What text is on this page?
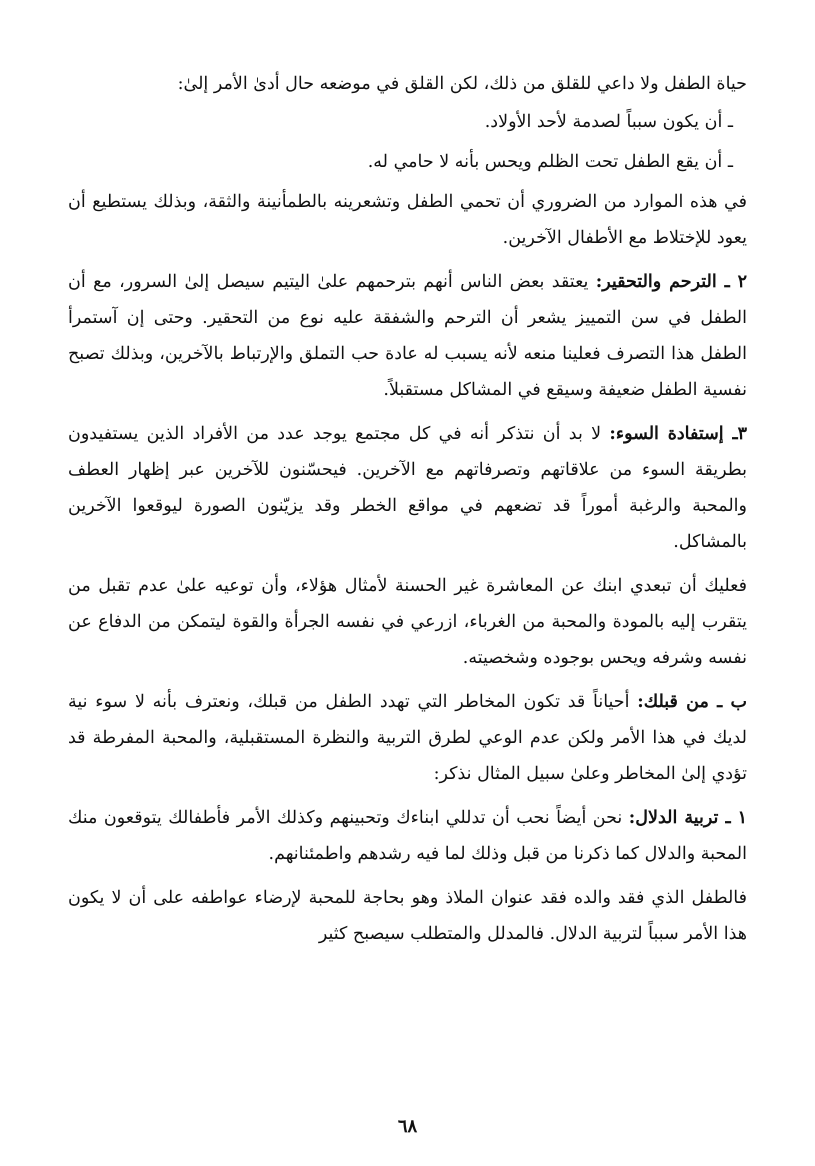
حياة الطفل ولا داعي للقلق من ذلك، لكن القلق في موضعه حال أدىٰ الأمر إلىٰ:

ـ أن يكون سبباً لصدمة لأحد الأولاد.

ـ أن يقع الطفل تحت الظلم ويحس بأنه لا حامي له.

في هذه الموارد من الضروري أن تحمي الطفل وتشعرينه بالطمأنينة والثقة، وبذلك يستطيع أن يعود للإختلاط مع الأطفال الآخرين.

٢ ـ الترحم والتحقير: يعتقد بعض الناس أنهم بترحمهم علىٰ اليتيم سيصل إلىٰ السرور، مع أن الطفل في سن التمييز يشعر أن الترحم والشفقة عليه نوع من التحقير. وحتى إن آستمرأ الطفل هذا التصرف فعلينا منعه لأنه يسبب له عادة حب التملق والإرتباط بالآخرين، وبذلك تصبح نفسية الطفل ضعيفة وسيقع في المشاكل مستقبلاً.

٣ـ إستفادة السوء: لا بد أن نتذكر أنه في كل مجتمع يوجد عدد من الأفراد الذين يستفيدون بطريقة السوء من علاقاتهم وتصرفاتهم مع الآخرين. فيحسّنون للآخرين عبر إظهار العطف والمحبة والرغبة أموراً قد تضعهم في مواقع الخطر وقد يزيّنون الصورة ليوقعوا الآخرين بالمشاكل.

فعليك أن تبعدي ابنك عن المعاشرة غير الحسنة لأمثال هؤلاء، وأن توعيه علىٰ عدم تقبل من يتقرب إليه بالمودة والمحبة من الغرباء، ازرعي في نفسه الجرأة والقوة ليتمكن من الدفاع عن نفسه وشرفه ويحس بوجوده وشخصيته.

ب ـ من قبلك: أحياناً قد تكون المخاطر التي تهدد الطفل من قبلك، ونعترف بأنه لا سوء نية لديك في هذا الأمر ولكن عدم الوعي لطرق التربية والنظرة المستقبلية، والمحبة المفرطة قد تؤدي إلىٰ المخاطر وعلىٰ سبيل المثال نذكر:

١ ـ تربية الدلال: نحن أيضاً نحب أن تدللي ابناءك وتحبينهم وكذلك الأمر فأطفالك يتوقعون منك المحبة والدلال كما ذكرنا من قبل وذلك لما فيه رشدهم واطمئنانهم.

فالطفل الذي فقد والده فقد عنوان الملاذ وهو بحاجة للمحبة لإرضاء عواطفه على أن لا يكون هذا الأمر سبباً لتربية الدلال. فالمدلل والمتطلب سيصبح كثير

٦٨
